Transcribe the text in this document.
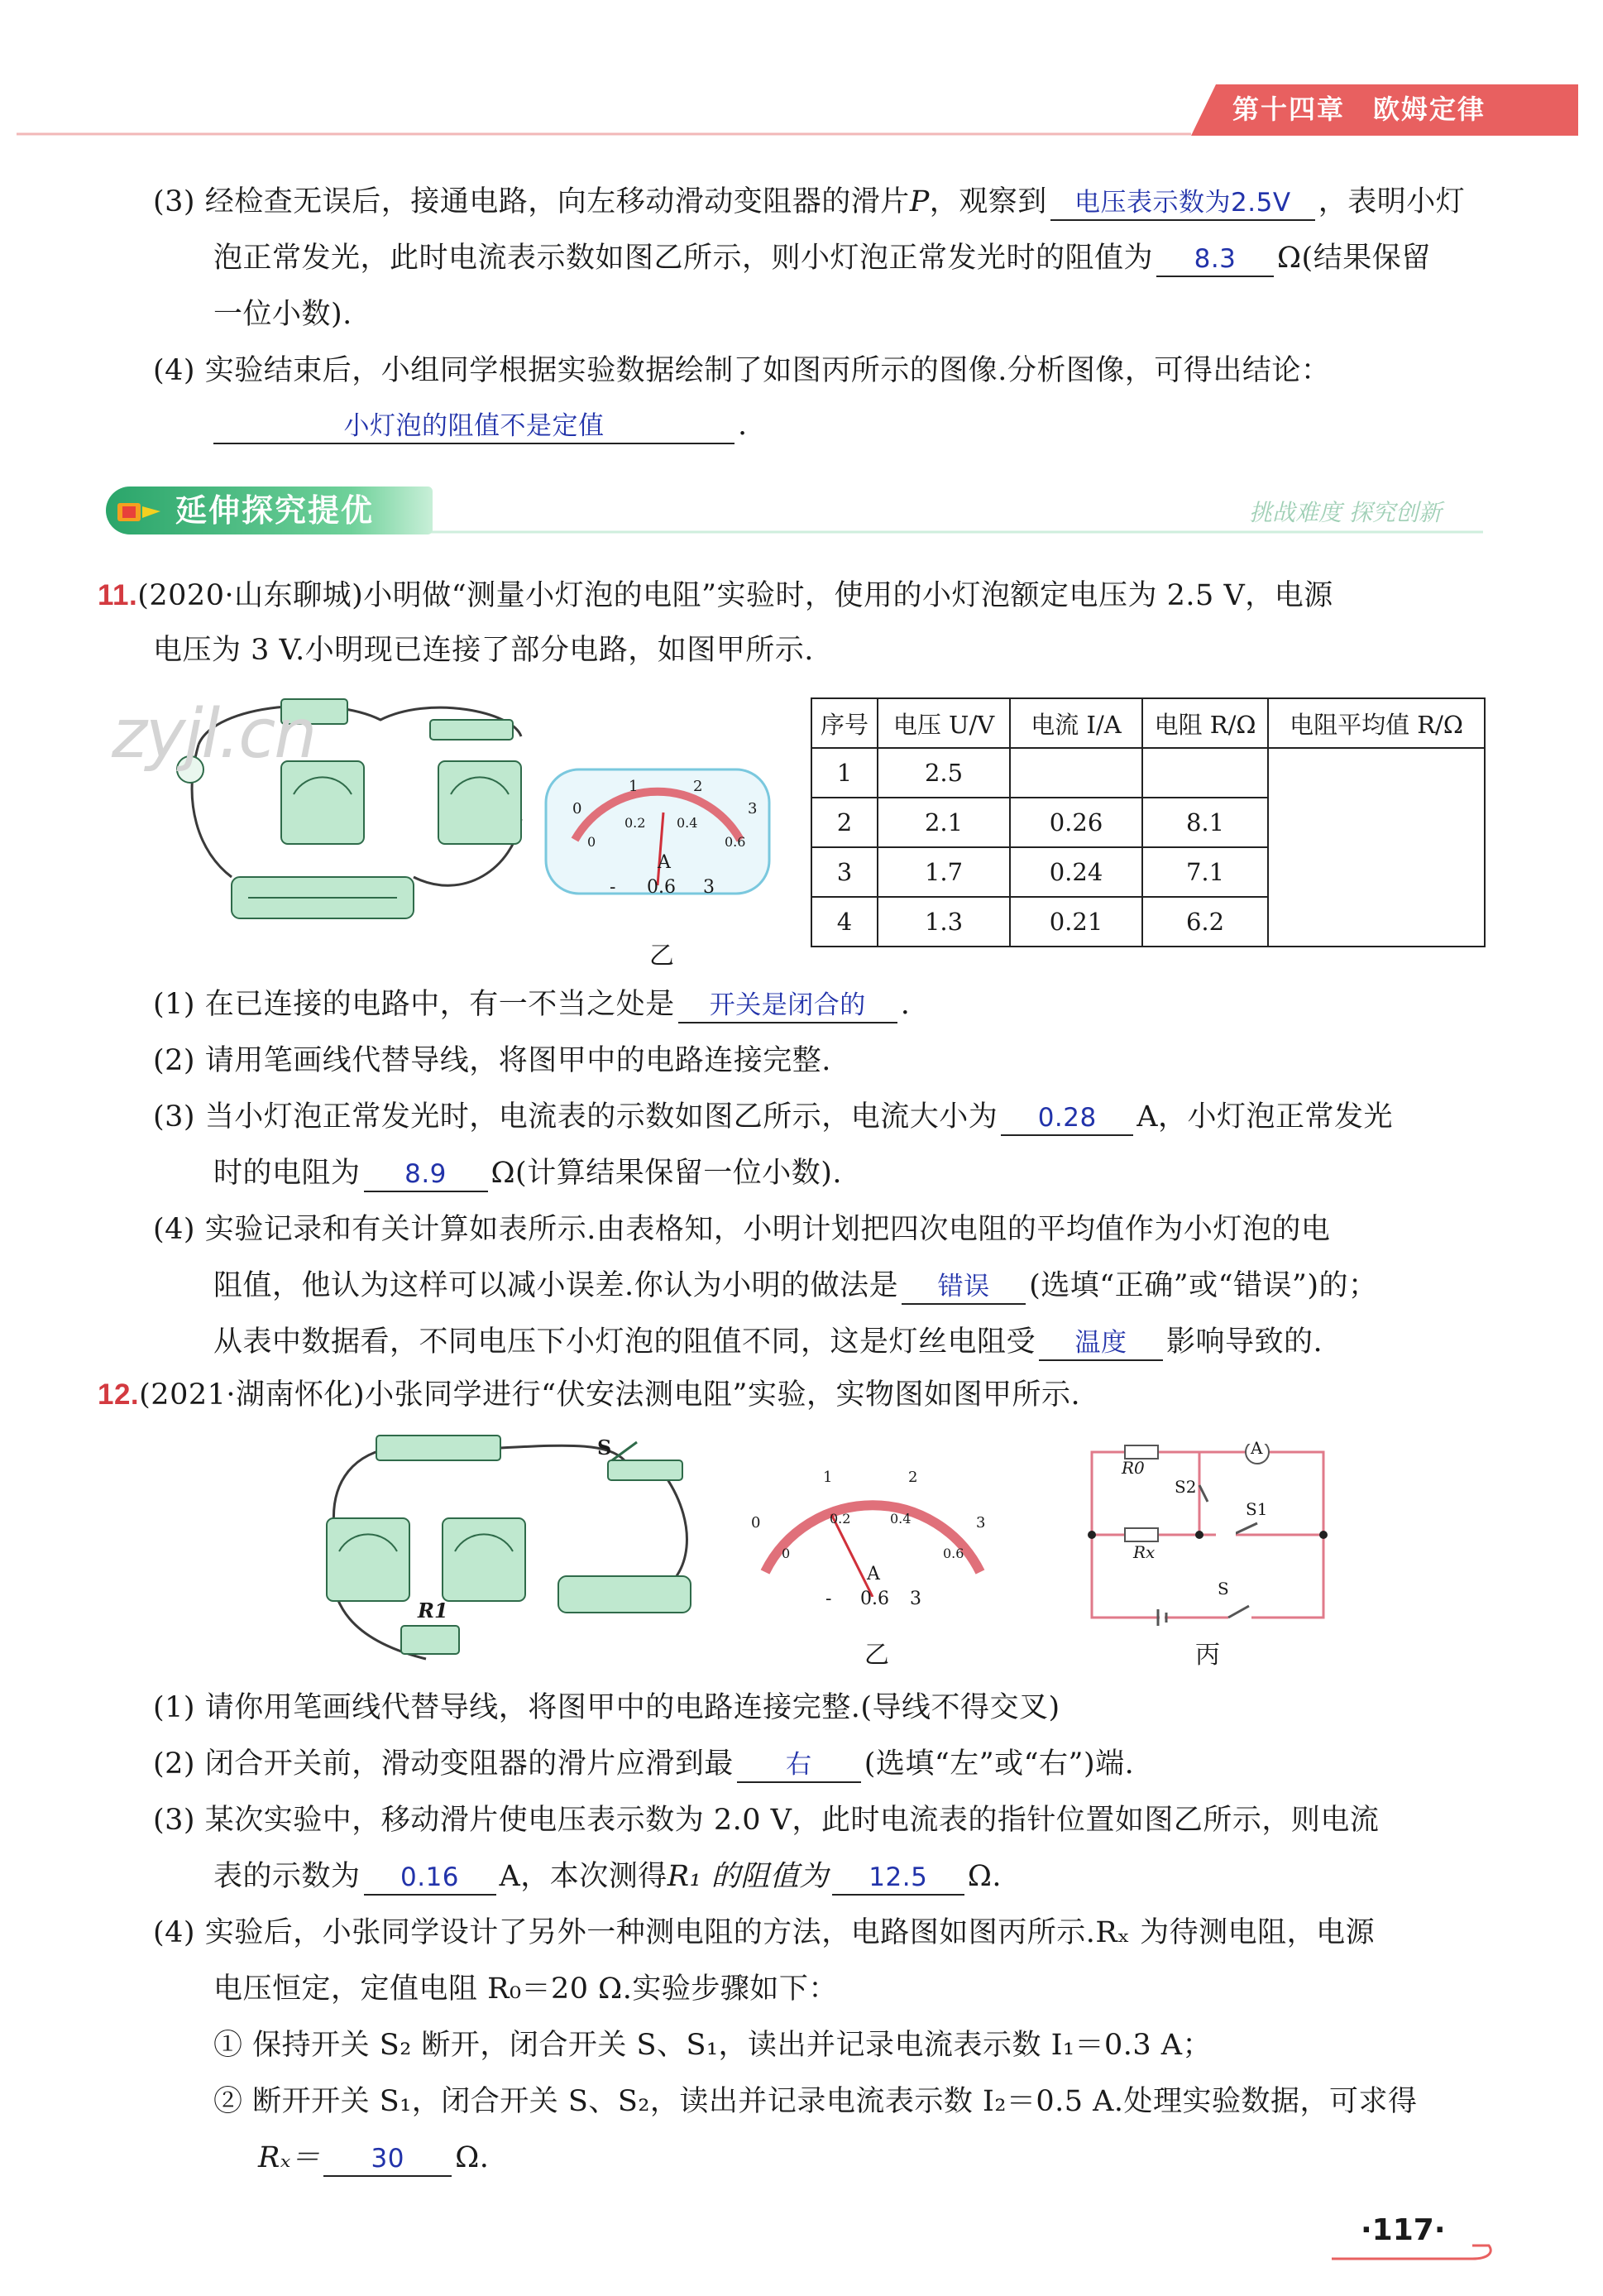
第十四章　欧姆定律
(3) 经检查无误后，接通电路，向左移动滑动变阻器的滑片P，观察到 电压表示数为2.5V ，表明小灯
泡正常发光，此时电流表示数如图乙所示，则小灯泡正常发光时的阻值为 8.3 Ω(结果保留
一位小数).
(4) 实验结束后，小组同学根据实验数据绘制了如图丙所示的图像.分析图像，可得出结论：
小灯泡的阻值不是定值	.
延伸探究提优	挑战难度 探究创新
11.(2020·山东聊城)小明做“测量小灯泡的电阻”实验时，使用的小灯泡额定电压为 2.5 V，电源
电压为 3 V.小明现已连接了部分电路，如图甲所示.
zyjl.cn
0
1	2
3
0
0.2 0.4
0.6
A
- 0.6 3
乙
序号	电压 U/V	电流 I/A	电阻 R/Ω	电阻平均值 R/Ω
1	2.5			
2	2.1	0.26	8.1	
3	1.7	0.24	7.1	
4	1.3	0.21	6.2	
(1) 在已连接的电路中，有一不当之处是 开关是闭合的 .
(2) 请用笔画线代替导线，将图甲中的电路连接完整.
(3) 当小灯泡正常发光时，电流表的示数如图乙所示，电流大小为 0.28 A，小灯泡正常发光
时的电阻为 8.9 Ω(计算结果保留一位小数).
(4) 实验记录和有关计算如表所示.由表格知，小明计划把四次电阻的平均值作为小灯泡的电
阻值，他认为这样可以减小误差.你认为小明的做法是 错误 (选填“正确”或“错误”)的；
从表中数据看，不同电压下小灯泡的阻值不同，这是灯丝电阻受 温度 影响导致的.
12.(2021·湖南怀化)小张同学进行“伏安法测电阻”实验，实物图如图甲所示.
S
R1
0
1	2
3
0
0.2	0.4
0.6
A
- 0.6 3
乙
R0
A
S2
S1
Rx
S
丙
(1) 请你用笔画线代替导线，将图甲中的电路连接完整.(导线不得交叉)
(2) 闭合开关前，滑动变阻器的滑片应滑到最 右 (选填“左”或“右”)端.
(3) 某次实验中，移动滑片使电压表示数为 2.0 V，此时电流表的指针位置如图乙所示，则电流
表的示数为 0.16 A，本次测得R₁ 的阻值为 12.5 Ω.
(4) 实验后，小张同学设计了另外一种测电阻的方法，电路图如图丙所示.Rₓ 为待测电阻，电源
电压恒定，定值电阻 R₀＝20 Ω.实验步骤如下：
① 保持开关 S₂ 断开，闭合开关 S、S₁，读出并记录电流表示数 I₁＝0.3 A；
② 断开开关 S₁，闭合开关 S、S₂，读出并记录电流表示数 I₂＝0.5 A.处理实验数据，可求得
Rₓ＝ 30 Ω.
·117·
